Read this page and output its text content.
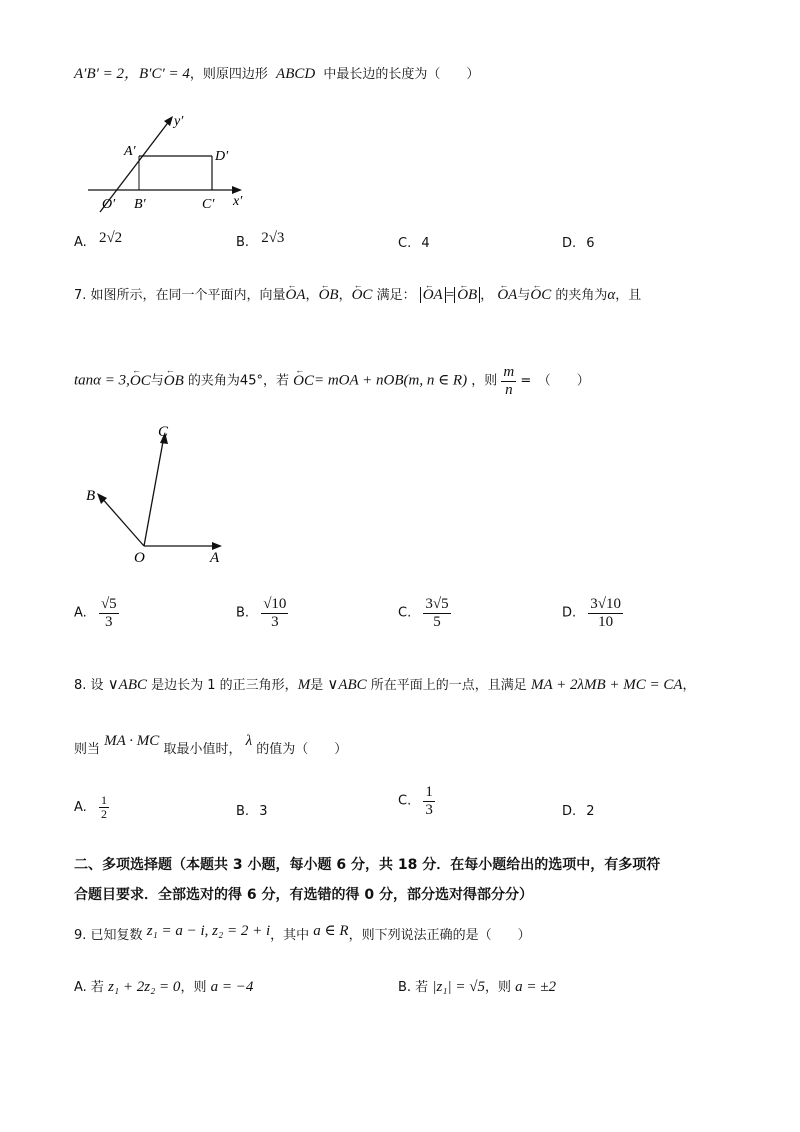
A′B′ = 2，B′C′ = 4，则原四边形 ABCD 中最长边的长度为（　　）
y′
A′	D′
O′ B′	C′ x′
A. 2√2	B. 2√3	C. 4	D. 6
7. 如图所示，在同一个平面内，向量← OA，← OB，← OC 满足： ← OA = ← OB ， ← OA与← OC 的夹角为α，且
tanα = 3,← OC与← OB 的夹角为45°，若 ← OC= mOA + nOB(m, n ∈ R) ，则 $\frac{m}{n}$ =　（　　）
C
B
O	A
A. $\frac{√5}{3}$	B. $\frac{√10}{3}$	C. $\frac{3√5}{5}$	D. $\frac{3√10}{10}$
8. 设 ∨ABC 是边长为 1 的正三角形，M是 ∨ABC 所在平面上的一点，且满足 MA + 2λMB + MC = CA，
则当 MA · MC 取最小值时， λ 的值为（　　）
A. $\frac{1}{2}$	B. 3
C. $\frac{1}{3}$	D. 2
二、多项选择题（本题共 3 小题，每小题 6 分，共 18 分．在每小题给出的选项中，有多项符
合题目要求．全部选对的得 6 分，有选错的得 0 分，部分选对得部分分）
9. 已知复数 z₁ = a − i, z₂ = 2 + i，其中 a ∈ R，则下列说法正确的是（　　）
A. 若 z₁ + 2z₂ = 0，则 a = −4	B. 若 |z₁| = √5，则 a = ±2
